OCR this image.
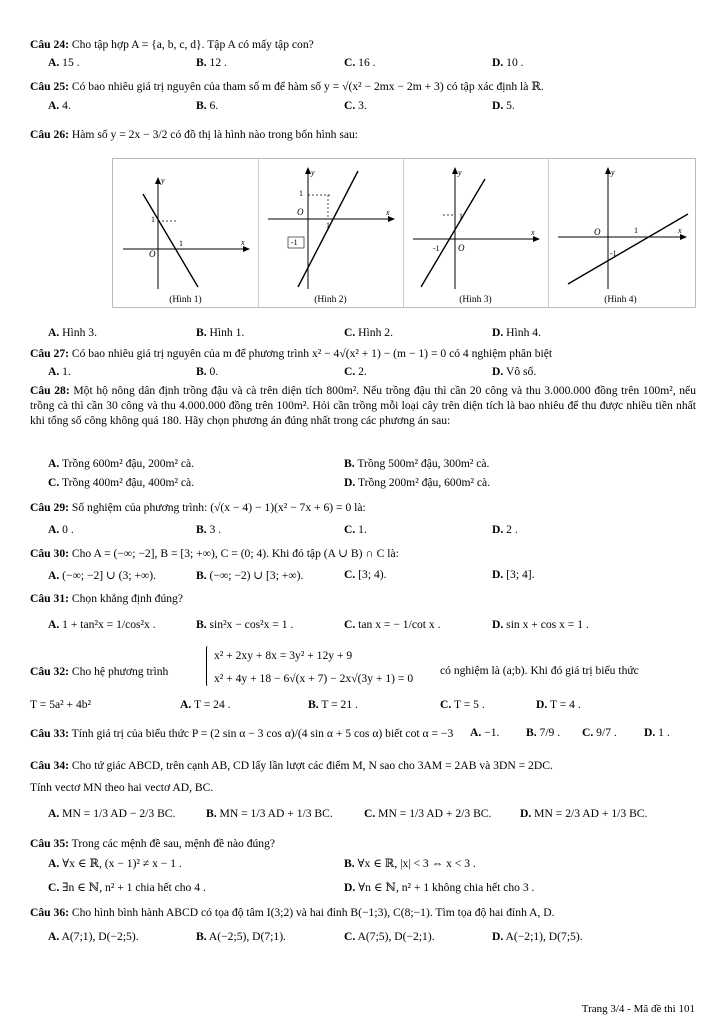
Câu 24: Cho tập hợp A = {a, b, c, d}. Tập A có mấy tập con?
A. 15 .	B. 12 .	C. 16 .	D. 10 .
Câu 25: Có bao nhiêu giá trị nguyên của tham số m để hàm số y = √(x² − 2mx − 2m + 3) có tập xác định là ℝ.
A. 4.	B. 6.	C. 3.	D. 5.
Câu 26: Hàm số y = 2x − 3/2 có đồ thị là hình nào trong bốn hình sau:
y
x
O
1
1
(Hình 1)
y
x
O
1
1
-1
(Hình 2)
y
x
O
-1
1
(Hình 3)
y
x
O
-1
1
(Hình 4)
A. Hình 3.	B. Hình 1.	C. Hình 2.	D. Hình 4.
Câu 27: Có bao nhiêu giá trị nguyên của m để phương trình x² − 4√(x² + 1) − (m − 1) = 0 có 4 nghiệm phân biệt
A. 1.	B. 0.	C. 2.	D. Vô số.
Câu 28: Một hộ nông dân định trồng đậu và cà trên diện tích 800m². Nếu trồng đậu thì cần 20 công và thu 3.000.000 đồng trên 100m², nếu trồng cà thì cần 30 công và thu 4.000.000 đồng trên 100m². Hỏi cần trồng mỗi loại cây trên diện tích là bao nhiêu để thu được nhiều tiền nhất khi tổng số công không quá 180. Hãy chọn phương án đúng nhất trong các phương án sau:
A. Trồng 600m² đậu, 200m² cà.	B. Trồng 500m² đậu, 300m² cà.
C. Trồng 400m² đậu, 400m² cà.	D. Trồng 200m² đậu, 600m² cà.
Câu 29: Số nghiệm của phương trình: (√(x − 4) − 1)(x² − 7x + 6) = 0 là:
A. 0 .	B. 3 .	C. 1.	D. 2 .
Câu 30: Cho A = (−∞; −2], B = [3; +∞), C = (0; 4). Khi đó tập (A ∪ B) ∩ C là:
A. (−∞; −2] ∪ (3; +∞).	B. (−∞; −2) ∪ [3; +∞).	C. [3; 4).	D. [3; 4].
Câu 31: Chọn khẳng định đúng?
A. 1 + tan²x = 1/cos²x .	B. sin²x − cos²x = 1 .	C. tan x = − 1/cot x .	D. sin x + cos x = 1 .
Câu 32: Cho hệ phương trình
x² + 2xy + 8x = 3y² + 12y + 9
x² + 4y + 18 − 6√(x + 7) − 2x√(3y + 1) = 0
có nghiệm là (a;b). Khi đó giá trị biểu thức
T = 5a² + 4b²	A. T = 24 .	B. T = 21 .	C. T = 5 .	D. T = 4 .
Câu 33: Tính giá trị của biểu thức P = (2 sin α − 3 cos α)/(4 sin α + 5 cos α) biết cot α = −3	A. −1. B. 7/9 . C. 9/7 . D. 1 .
Câu 34: Cho tứ giác ABCD, trên cạnh AB, CD lấy lần lượt các điểm M, N sao cho 3AM = 2AB và 3DN = 2DC.
Tính vectơ MN theo hai vectơ AD, BC.
A. MN = 1/3 AD − 2/3 BC.	B. MN = 1/3 AD + 1/3 BC.	C. MN = 1/3 AD + 2/3 BC. D. MN = 2/3 AD + 1/3 BC.
Câu 35: Trong các mệnh đề sau, mệnh đề nào đúng?
A. ∀x ∈ ℝ, (x − 1)² ≠ x − 1 .	B. ∀x ∈ ℝ, |x| < 3 ⇔ x < 3 .
C. ∃n ∈ ℕ, n² + 1 chia hết cho 4 .	D. ∀n ∈ ℕ, n² + 1 không chia hết cho 3 .
Câu 36: Cho hình bình hành ABCD có tọa độ tâm I(3;2) và hai đỉnh B(−1;3), C(8;−1). Tìm tọa độ hai đỉnh A, D.
A. A(7;1), D(−2;5).	B. A(−2;5), D(7;1).	C. A(7;5), D(−2;1).	D. A(−2;1), D(7;5).
Trang 3/4 - Mã đề thi 101
